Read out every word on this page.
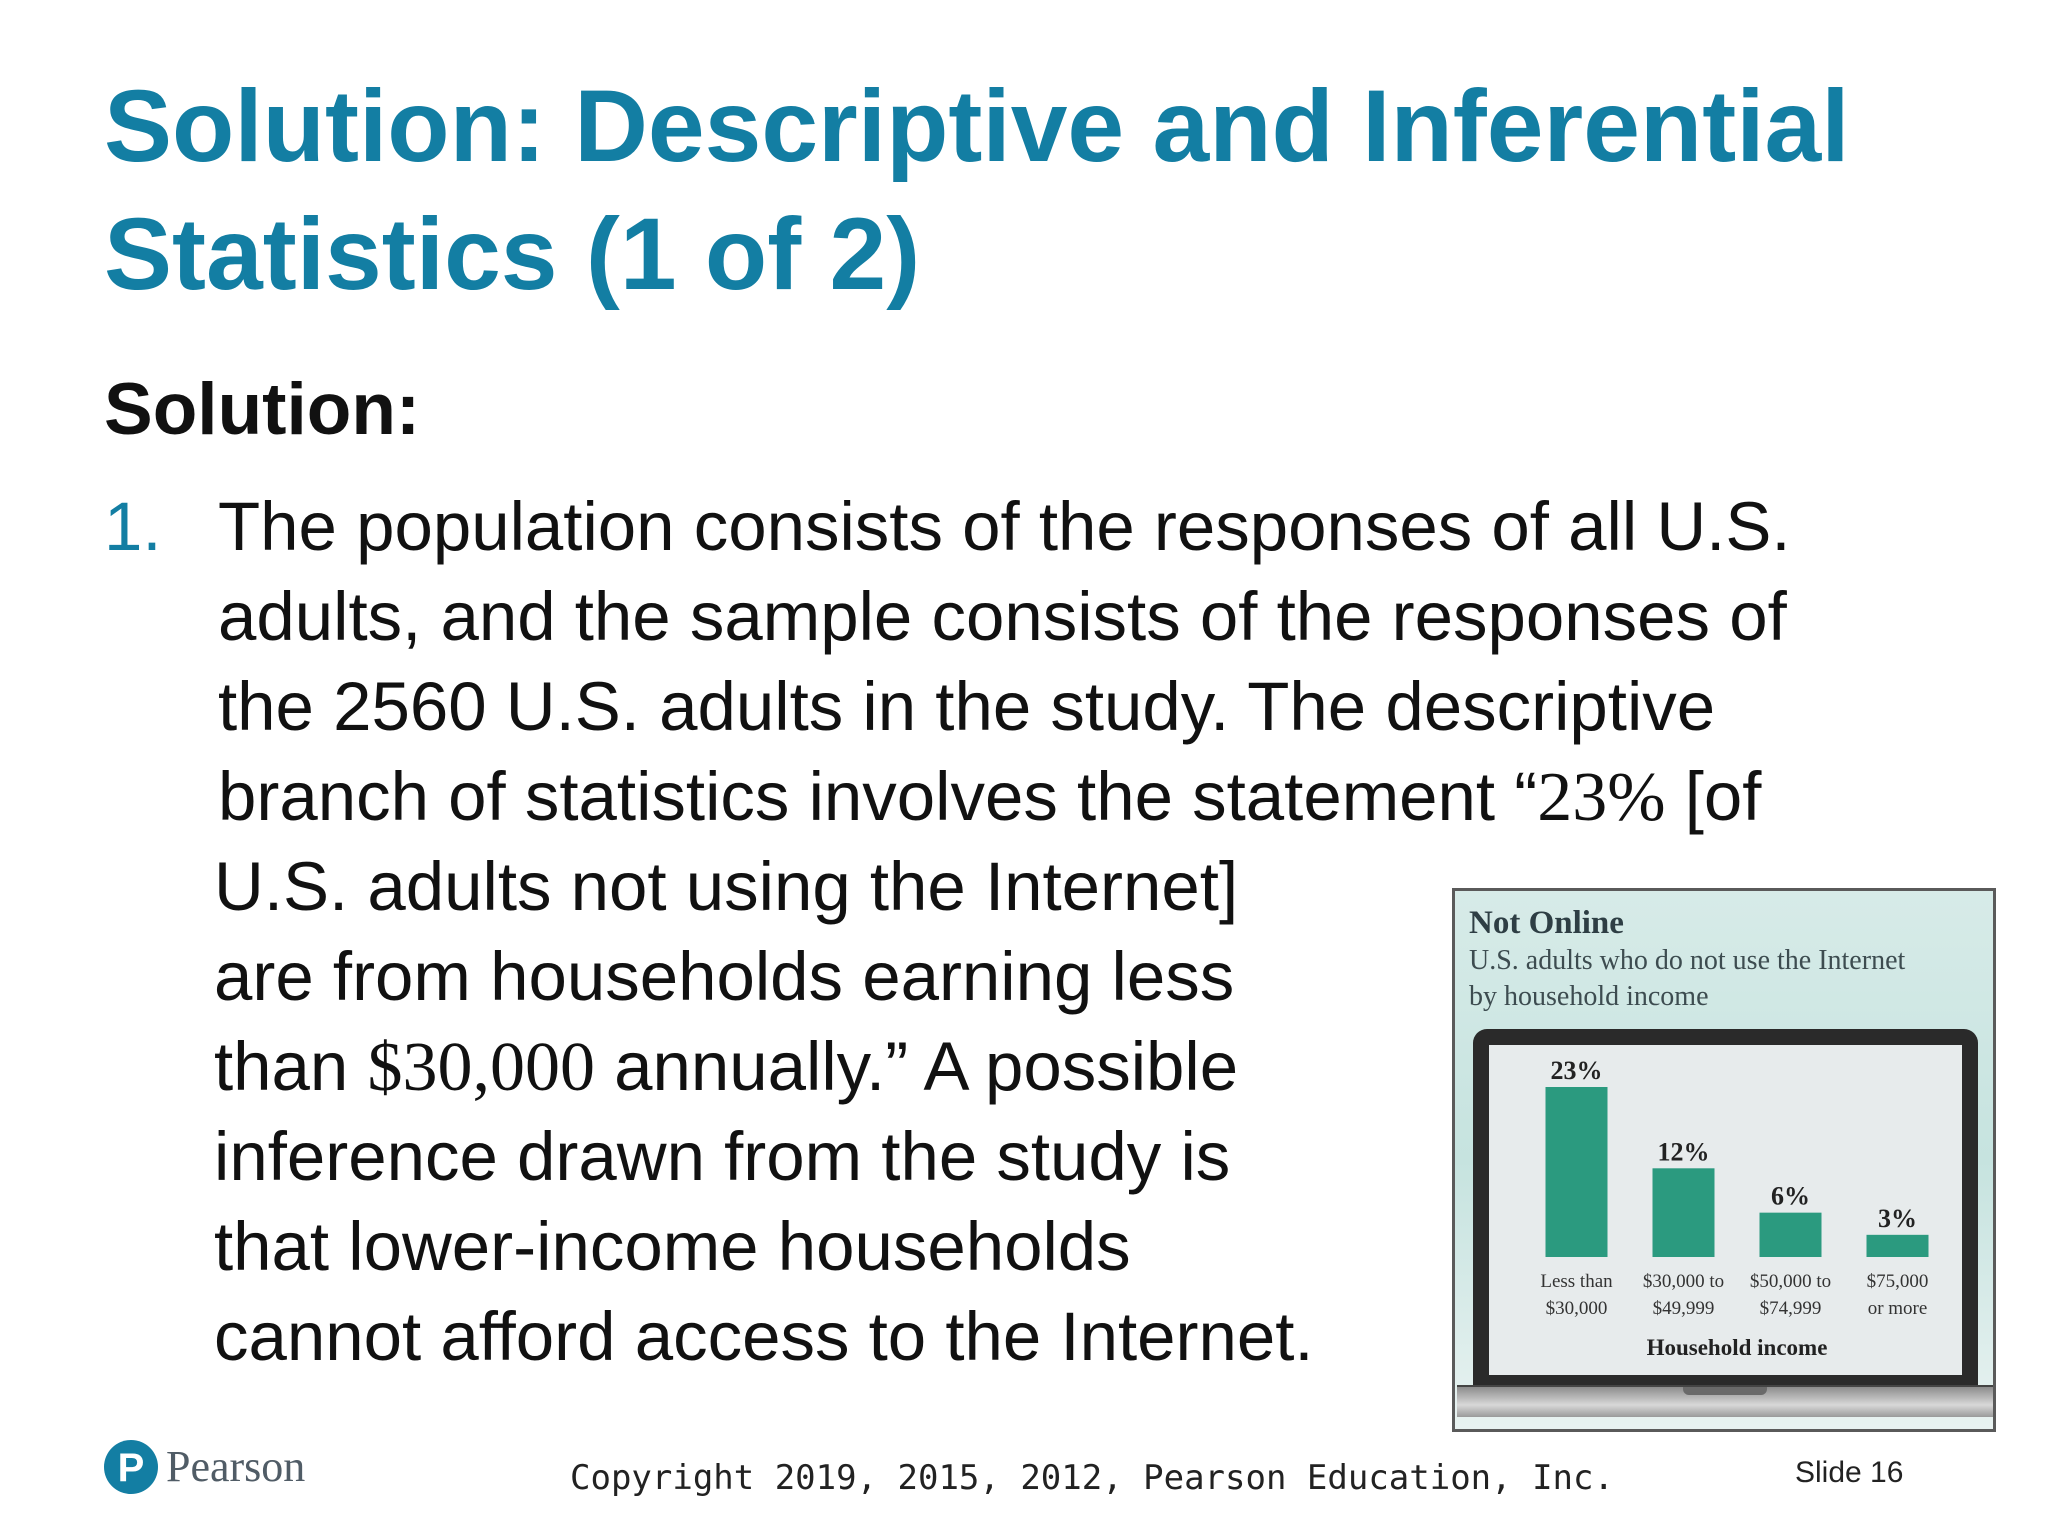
Solution: Descriptive and Inferential
Statistics (1 of 2)
Solution:
1. The population consists of the responses of all U.S.
adults, and the sample consists of the responses of
the 2560 U.S. adults in the study. The descriptive
branch of statistics involves the statement “23% [of
U.S. adults not using the Internet]
are from households earning less
than $30,000 annually.” A possible
inference drawn from the study is
that lower-income households
cannot afford access to the Internet.
Not Online
U.S. adults who do not use the Internet
by household income
23%
Less than
$30,000
12%
$30,000 to
$49,999
6%
$50,000 to
$74,999
3%
$75,000
or more
Household income
P Pearson	Copyright 2019, 2015, 2012, Pearson Education, Inc.	Slide 16
